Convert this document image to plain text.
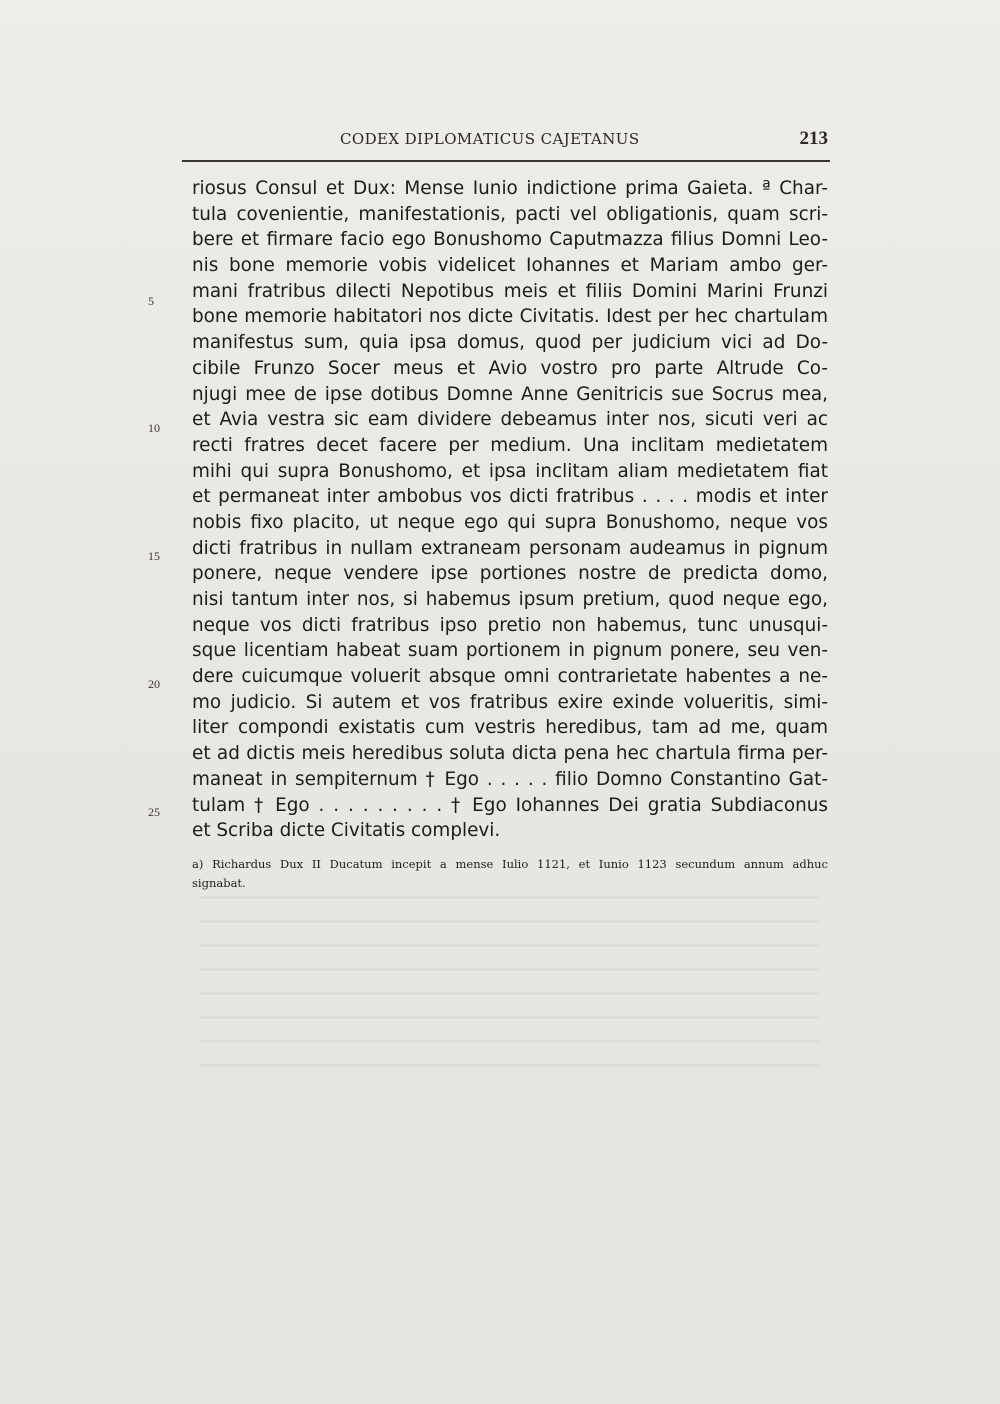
CODEX DIPLOMATICUS CAJETANUS	213
riosus Consul et Dux: Mense Iunio indictione prima Gaieta. ª Char-
tula covenientie, manifestationis, pacti vel obligationis, quam scri-
bere et firmare facio ego Bonushomo Caputmazza filius Domni Leo-
nis bone memorie vobis videlicet Iohannes et Mariam ambo ger-
mani fratribus dilecti Nepotibus meis et filiis Domini Marini Frunzi
bone memorie habitatori nos dicte Civitatis. Idest per hec chartulam
manifestus sum, quia ipsa domus, quod per judicium vici ad Do-
cibile Frunzo Socer meus et Avio vostro pro parte Altrude Co-
njugi mee de ipse dotibus Domne Anne Genitricis sue Socrus mea,
et Avia vestra sic eam dividere debeamus inter nos, sicuti veri ac
recti fratres decet facere per medium. Una inclitam medietatem
mihi qui supra Bonushomo, et ipsa inclitam aliam medietatem fiat
et permaneat inter ambobus vos dicti fratribus . . . . modis et inter
nobis fixo placito, ut neque ego qui supra Bonushomo, neque vos
dicti fratribus in nullam extraneam personam audeamus in pignum
ponere, neque vendere ipse portiones nostre de predicta domo,
nisi tantum inter nos, si habemus ipsum pretium, quod neque ego,
neque vos dicti fratribus ipso pretio non habemus, tunc unusqui-
sque licentiam habeat suam portionem in pignum ponere, seu ven-
dere cuicumque voluerit absque omni contrarietate habentes a ne-
mo judicio. Si autem et vos fratribus exire exinde volueritis, simi-
liter compondi existatis cum vestris heredibus, tam ad me, quam
et ad dictis meis heredibus soluta dicta pena hec chartula firma per-
maneat in sempiternum † Ego . . . . . filio Domno Constantino Gat-
tulam † Ego . . . . . . . . . † Ego Iohannes Dei gratia Subdiaconus
et Scriba dicte Civitatis complevi.
5
10
15
20
25
a) Richardus Dux II Ducatum incepit a mense Iulio 1121, et Iunio 1123 secundum annum adhuc
signabat.
